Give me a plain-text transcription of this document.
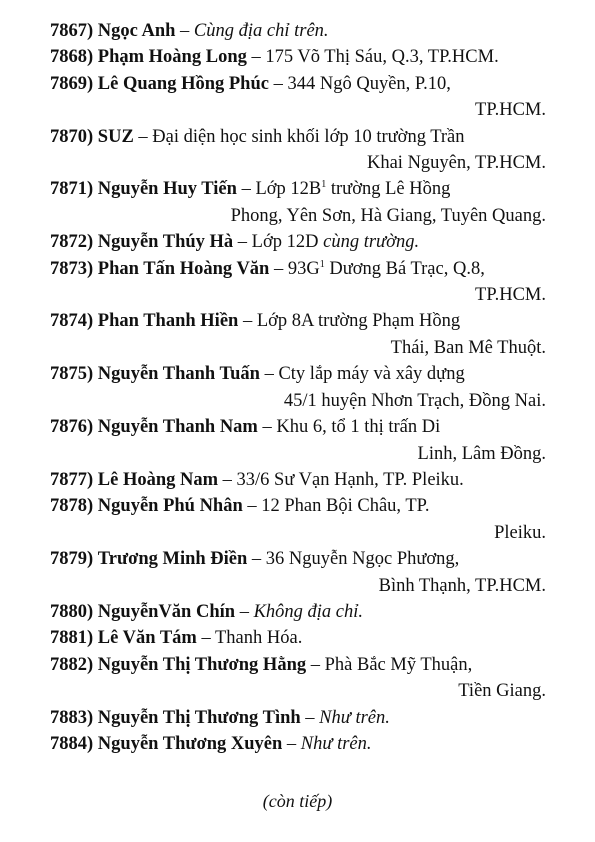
7867) Ngọc Anh – Cùng địa chỉ trên.
7868) Phạm Hoàng Long – 175 Võ Thị Sáu, Q.3, TP.HCM.
7869) Lê Quang Hồng Phúc – 344 Ngô Quyền, P.10,
TP.HCM.
7870) SUZ – Đại diện học sinh khối lớp 10 trường Trần
Khai Nguyên, TP.HCM.
7871) Nguyễn Huy Tiến – Lớp $12B^1$ trường Lê Hồng
Phong, Yên Sơn, Hà Giang, Tuyên Quang.
7872) Nguyễn Thúy Hà – Lớp 12D cùng trường.
7873) Phan Tấn Hoàng Văn – $93G^1$ Dương Bá Trạc, Q.8,
TP.HCM.
7874) Phan Thanh Hiền – Lớp 8A trường Phạm Hồng
Thái, Ban Mê Thuột.
7875) Nguyễn Thanh Tuấn – Cty lắp máy và xây dựng
45/1 huyện Nhơn Trạch, Đồng Nai.
7876) Nguyễn Thanh Nam – Khu 6, tổ 1 thị trấn Di
Linh, Lâm Đồng.
7877) Lê Hoàng Nam – 33/6 Sư Vạn Hạnh, TP. Pleiku.
7878) Nguyễn Phú Nhân – 12 Phan Bội Châu, TP.
Pleiku.
7879) Trương Minh Điền – 36 Nguyễn Ngọc Phương,
Bình Thạnh, TP.HCM.
7880) NguyễnVăn Chín – Không địa chỉ.
7881) Lê Văn Tám – Thanh Hóa.
7882) Nguyễn Thị Thương Hằng – Phà Bắc Mỹ Thuận,
Tiền Giang.
7883) Nguyễn Thị Thương Tình – Như trên.
7884) Nguyễn Thương Xuyên – Như trên.
(còn tiếp)
